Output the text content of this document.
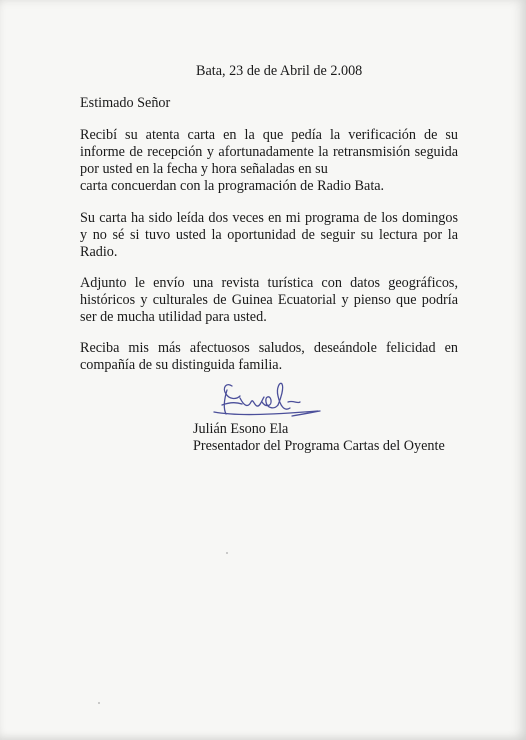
Bata, 23 de de Abril de 2.008
Estimado Señor
Recibí su atenta carta en la que pedía la verificación de su
informe de recepción y afortunadamente la retransmisión seguida
por usted en la fecha y hora señaladas en su
carta concuerdan con la programación de Radio Bata.
Su carta ha sido leída dos veces en mi programa de los domingos
y no sé si tuvo usted la oportunidad de seguir su lectura por la
Radio.
Adjunto le envío una revista turística con datos geográficos,
históricos y culturales de Guinea Ecuatorial y pienso que podría
ser de mucha utilidad para usted.
Reciba mis más afectuosos saludos, deseándole felicidad en
compañía de su distinguida familia.
Julián Esono Ela
Presentador del Programa Cartas del Oyente
